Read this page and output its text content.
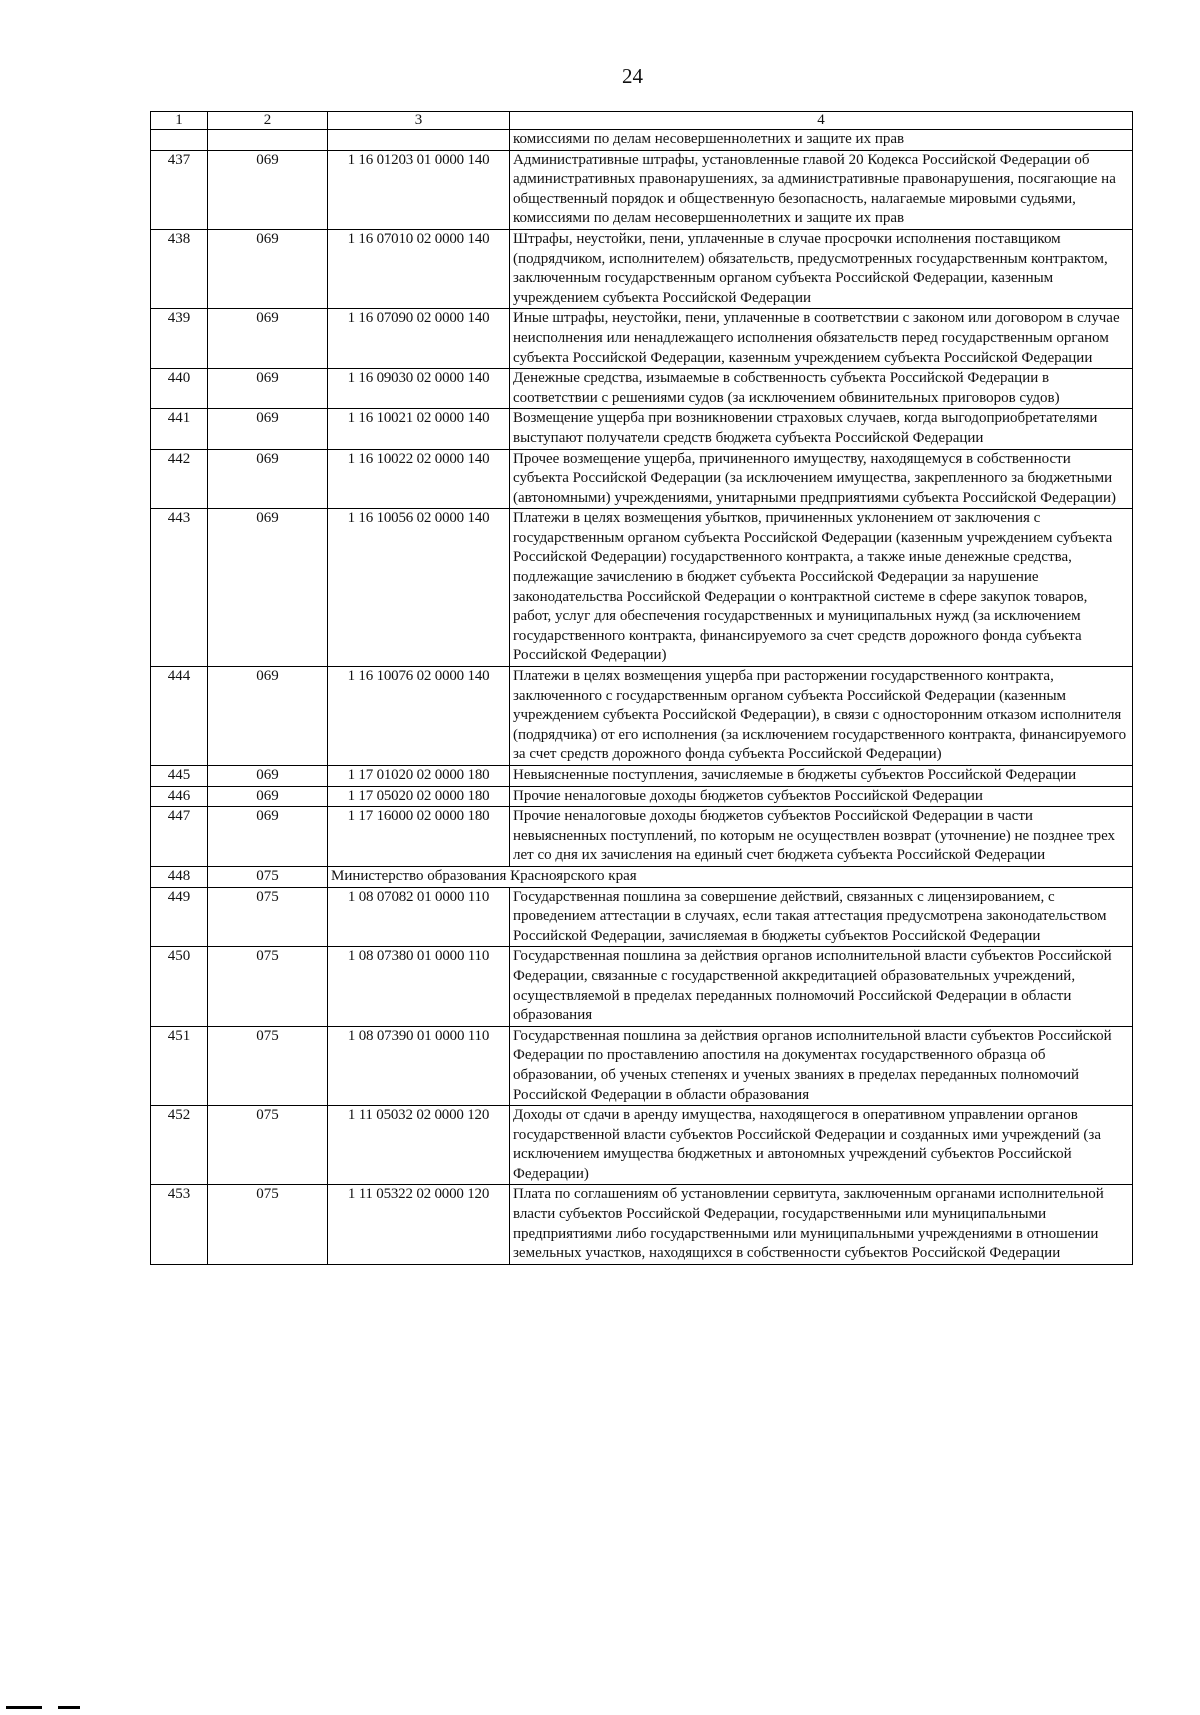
24
1	2	3	4
			комиссиями по делам несовершеннолетних и защите их прав
437	069	1 16 01203 01 0000 140	Административные штрафы, установленные главой 20 Кодекса Российской Федерации об административных правонарушениях, за административные правонарушения, посягающие на общественный порядок и общественную безопасность, налагаемые мировыми судьями, комиссиями по делам несовершеннолетних и защите их прав
438	069	1 16 07010 02 0000 140	Штрафы, неустойки, пени, уплаченные в случае просрочки исполнения поставщиком (подрядчиком, исполнителем) обязательств, предусмотренных государственным контрактом, заключенным государственным органом субъекта Российской Федерации, казенным учреждением субъекта Российской Федерации
439	069	1 16 07090 02 0000 140	Иные штрафы, неустойки, пени, уплаченные в соответствии с законом или договором в случае неисполнения или ненадлежащего исполнения обязательств перед государственным органом субъекта Российской Федерации, казенным учреждением субъекта Российской Федерации
440	069	1 16 09030 02 0000 140	Денежные средства, изымаемые в собственность субъекта Российской Федерации в соответствии с решениями судов (за исключением обвинительных приговоров судов)
441	069	1 16 10021 02 0000 140	Возмещение ущерба при возникновении страховых случаев, когда выгодоприобретателями выступают получатели средств бюджета субъекта Российской Федерации
442	069	1 16 10022 02 0000 140	Прочее возмещение ущерба, причиненного имуществу, находящемуся в собственности субъекта Российской Федерации (за исключением имущества, закрепленного за бюджетными (автономными) учреждениями, унитарными предприятиями субъекта Российской Федерации)
443	069	1 16 10056 02 0000 140	Платежи в целях возмещения убытков, причиненных уклонением от заключения с государственным органом субъекта Российской Федерации (казенным учреждением субъекта Российской Федерации) государственного контракта, а также иные денежные средства, подлежащие зачислению в бюджет субъекта Российской Федерации за нарушение законодательства Российской Федерации о контрактной системе в сфере закупок товаров, работ, услуг для обеспечения государственных и муниципальных нужд (за исключением государственного контракта, финансируемого за счет средств дорожного фонда субъекта Российской Федерации)
444	069	1 16 10076 02 0000 140	Платежи в целях возмещения ущерба при расторжении государственного контракта, заключенного с государственным органом субъекта Российской Федерации (казенным учреждением субъекта Российской Федерации), в связи с односторонним отказом исполнителя (подрядчика) от его исполнения (за исключением государственного контракта, финансируемого за счет средств дорожного фонда субъекта Российской Федерации)
445	069	1 17 01020 02 0000 180	Невыясненные поступления, зачисляемые в бюджеты субъектов Российской Федерации
446	069	1 17 05020 02 0000 180	Прочие неналоговые доходы бюджетов субъектов Российской Федерации
447	069	1 17 16000 02 0000 180	Прочие неналоговые доходы бюджетов субъектов Российской Федерации в части невыясненных поступлений, по которым не осуществлен возврат (уточнение) не позднее трех лет со дня их зачисления на единый счет бюджета субъекта Российской Федерации
448	075	Министерство образования Красноярского края	
449	075	1 08 07082 01 0000 110	Государственная пошлина за совершение действий, связанных с лицензированием, с проведением аттестации в случаях, если такая аттестация предусмотрена законодательством Российской Федерации, зачисляемая в бюджеты субъектов Российской Федерации
450	075	1 08 07380 01 0000 110	Государственная пошлина за действия органов исполнительной власти субъектов Российской Федерации, связанные с государственной аккредитацией образовательных учреждений, осуществляемой в пределах переданных полномочий Российской Федерации в области образования
451	075	1 08 07390 01 0000 110	Государственная пошлина за действия органов исполнительной власти субъектов Российской Федерации по проставлению апостиля на документах государственного образца об образовании, об ученых степенях и ученых званиях в пределах переданных полномочий Российской Федерации в области образования
452	075	1 11 05032 02 0000 120	Доходы от сдачи в аренду имущества, находящегося в оперативном управлении органов государственной власти субъектов Российской Федерации и созданных ими учреждений (за исключением имущества бюджетных и автономных учреждений субъектов Российской Федерации)
453	075	1 11 05322 02 0000 120	Плата по соглашениям об установлении сервитута, заключенным органами исполнительной власти субъектов Российской Федерации, государственными или муниципальными предприятиями либо государственными или муниципальными учреждениями в отношении земельных участков, находящихся в собственности субъектов Российской Федерации
